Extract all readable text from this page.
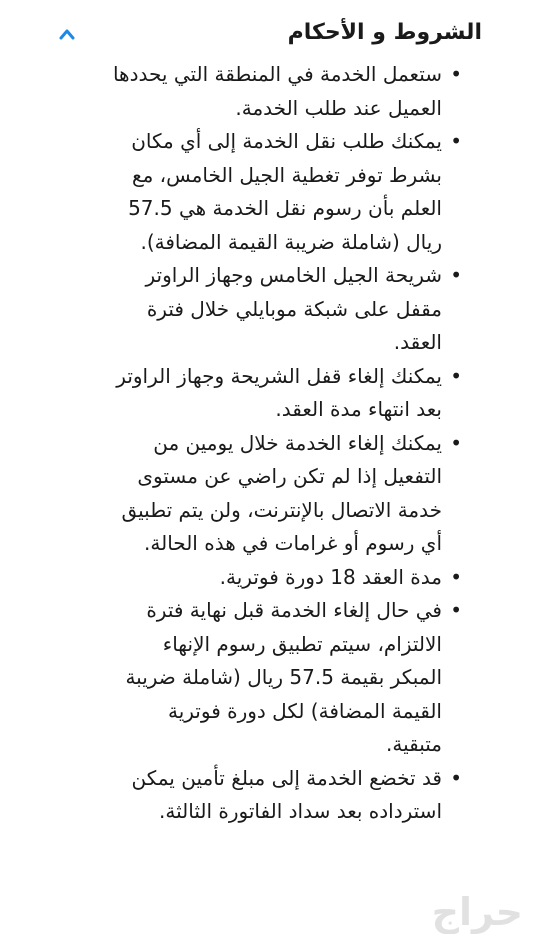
الشروط و الأحكام
•
ستعمل الخدمة في المنطقة التي يحددها العميل عند طلب الخدمة.
•
يمكنك طلب نقل الخدمة إلى أي مكان بشرط توفر تغطية الجيل الخامس، مع العلم بأن رسوم نقل الخدمة هي 57.5 ريال (شاملة ضريبة القيمة المضافة).
•
شريحة الجيل الخامس وجهاز الراوتر مقفل على شبكة موبايلي خلال فترة العقد.
•
يمكنك إلغاء قفل الشريحة وجهاز الراوتر بعد انتهاء مدة العقد.
•
يمكنك إلغاء الخدمة خلال يومين من التفعيل إذا لم تكن راضي عن مستوى خدمة الاتصال بالإنترنت، ولن يتم تطبيق أي رسوم أو غرامات في هذه الحالة.
•
مدة العقد 18 دورة فوترية.
•
في حال إلغاء الخدمة قبل نهاية فترة الالتزام، سيتم تطبيق رسوم الإنهاء المبكر بقيمة 57.5 ريال (شاملة ضريبة القيمة المضافة) لكل دورة فوترية متبقية.
•
قد تخضع الخدمة إلى مبلغ تأمين يمكن استرداده بعد سداد الفاتورة الثالثة.
حراج
